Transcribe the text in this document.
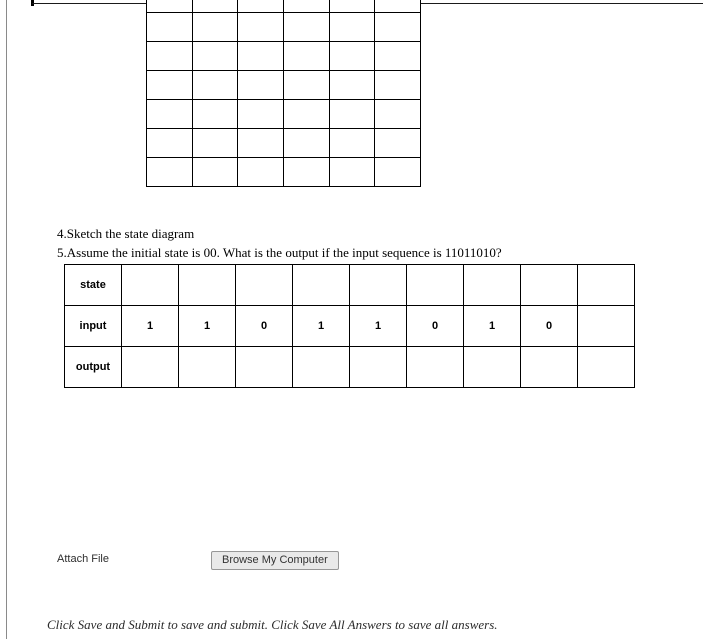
4.Sketch the state diagram
5.Assume the initial state is 00. What is the output if the input sequence is 11011010?
state									
input	1	1	0	1	1	0	1	0	
output									
Attach File	Browse My Computer
Click Save and Submit to save and submit. Click Save All Answers to save all answers.
